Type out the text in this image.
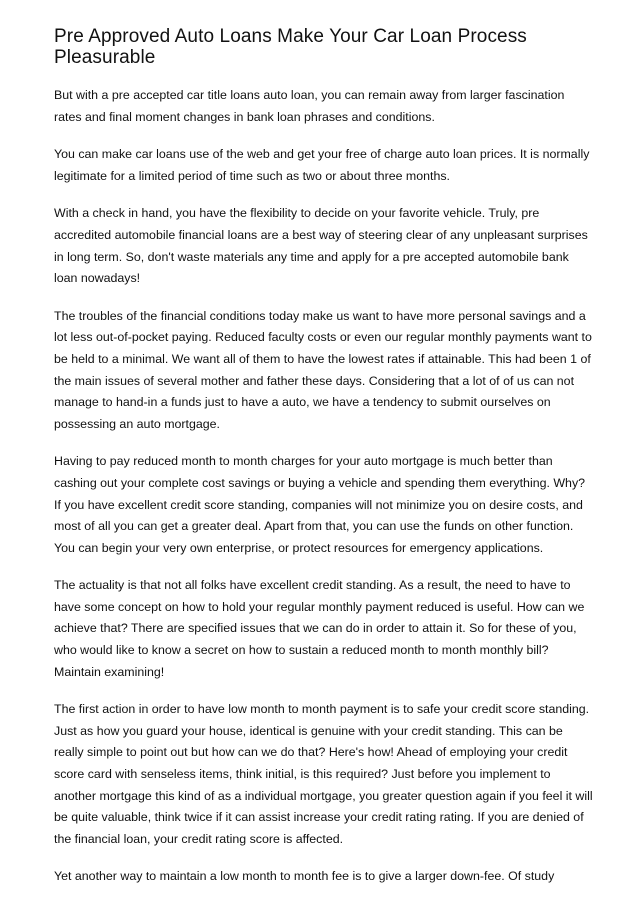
Pre Approved Auto Loans Make Your Car Loan Process Pleasurable

But with a pre accepted car title loans auto loan, you can remain away from larger fascination rates and final moment changes in bank loan phrases and conditions.

You can make car loans use of the web and get your free of charge auto loan prices. It is normally legitimate for a limited period of time such as two or about three months.

With a check in hand, you have the flexibility to decide on your favorite vehicle. Truly, pre accredited automobile financial loans are a best way of steering clear of any unpleasant surprises in long term. So, don't waste materials any time and apply for a pre accepted automobile bank loan nowadays!

The troubles of the financial conditions today make us want to have more personal savings and a lot less out-of-pocket paying. Reduced faculty costs or even our regular monthly payments want to be held to a minimal. We want all of them to have the lowest rates if attainable. This had been 1 of the main issues of several mother and father these days. Considering that a lot of of us can not manage to hand-in a funds just to have a auto, we have a tendency to submit ourselves on possessing an auto mortgage.

Having to pay reduced month to month charges for your auto mortgage is much better than cashing out your complete cost savings or buying a vehicle and spending them everything. Why? If you have excellent credit score standing, companies will not minimize you on desire costs, and most of all you can get a greater deal. Apart from that, you can use the funds on other function. You can begin your very own enterprise, or protect resources for emergency applications.

The actuality is that not all folks have excellent credit standing. As a result, the need to have to have some concept on how to hold your regular monthly payment reduced is useful. How can we achieve that? There are specified issues that we can do in order to attain it. So for these of you, who would like to know a secret on how to sustain a reduced month to month monthly bill? Maintain examining!

The first action in order to have low month to month payment is to safe your credit score standing. Just as how you guard your house, identical is genuine with your credit standing. This can be really simple to point out but how can we do that? Here's how! Ahead of employing your credit score card with senseless items, think initial, is this required? Just before you implement to another mortgage this kind of as a individual mortgage, you greater question again if you feel it will be quite valuable, think twice if it can assist increase your credit rating rating. If you are denied of the financial loan, your credit rating score is affected.

Yet another way to maintain a low month to month fee is to give a larger down-fee. Of study
